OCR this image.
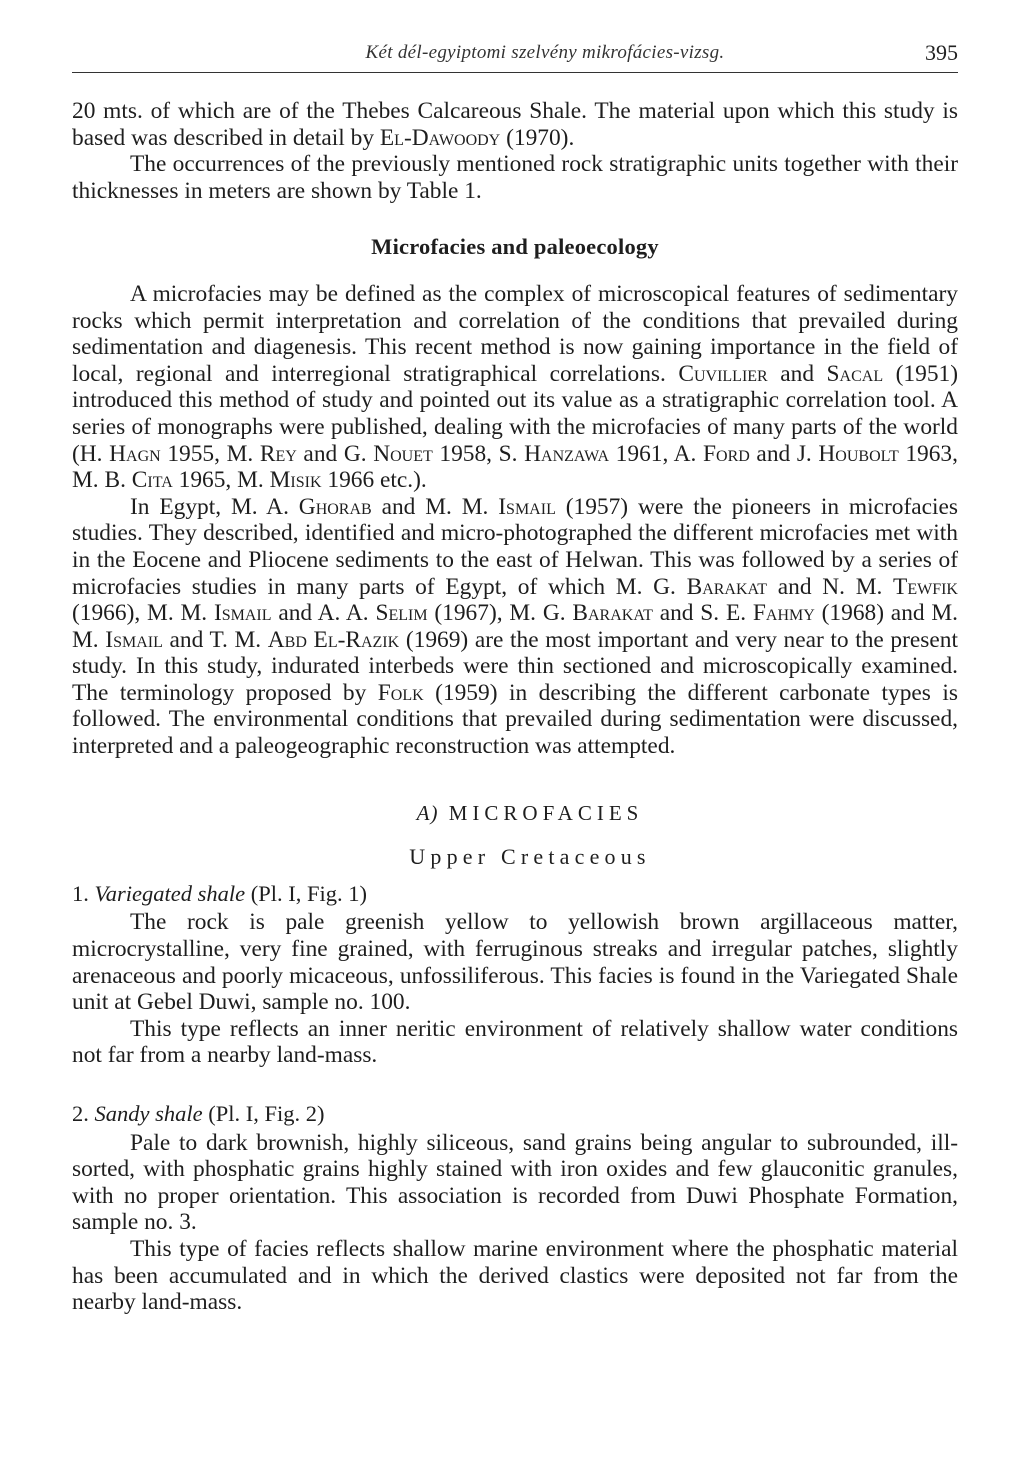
Két dél-egyiptomi szelvény mikrofácies-vizsg.	395

20 mts. of which are of the Thebes Calcareous Shale. The material upon which this study is based was described in detail by El-Dawoody (1970).

The occurrences of the previously mentioned rock stratigraphic units together with their thicknesses in meters are shown by Table 1.

Microfacies and paleoecology

A microfacies may be defined as the complex of microscopical features of sedimentary rocks which permit interpretation and correlation of the conditions that prevailed during sedimentation and diagenesis. This recent method is now gaining importance in the field of local, regional and interregional stratigraphical correlations. Cuvillier and Sacal (1951) introduced this method of study and pointed out its value as a stratigraphic correlation tool. A series of monographs were published, dealing with the microfacies of many parts of the world (H. Hagn 1955, M. Rey and G. Nouet 1958, S. Hanzawa 1961, A. Ford and J. Houbolt 1963, M. B. Cita 1965, M. Misik 1966 etc.).

In Egypt, M. A. Ghorab and M. M. Ismail (1957) were the pioneers in microfacies studies. They described, identified and micro-photographed the different microfacies met with in the Eocene and Pliocene sediments to the east of Helwan. This was followed by a series of microfacies studies in many parts of Egypt, of which M. G. Barakat and N. M. Tewfik (1966), M. M. Ismail and A. A. Selim (1967), M. G. Barakat and S. E. Fahmy (1968) and M. M. Ismail and T. M. Abd El-Razik (1969) are the most important and very near to the present study. In this study, indurated interbeds were thin sectioned and microscopically examined. The terminology proposed by Folk (1959) in describing the different carbonate types is followed. The environmental conditions that prevailed during sedimentation were discussed, interpreted and a paleogeographic reconstruction was attempted.

A) MICROFACIES

Upper Cretaceous

1. Variegated shale (Pl. I, Fig. 1)

The rock is pale greenish yellow to yellowish brown argillaceous matter, microcrystalline, very fine grained, with ferruginous streaks and irregular patches, slightly arenaceous and poorly micaceous, unfossiliferous. This facies is found in the Variegated Shale unit at Gebel Duwi, sample no. 100.

This type reflects an inner neritic environment of relatively shallow water conditions not far from a nearby land-mass.

2. Sandy shale (Pl. I, Fig. 2)

Pale to dark brownish, highly siliceous, sand grains being angular to subrounded, ill-sorted, with phosphatic grains highly stained with iron oxides and few glauconitic granules, with no proper orientation. This association is recorded from Duwi Phosphate Formation, sample no. 3.

This type of facies reflects shallow marine environment where the phosphatic material has been accumulated and in which the derived clastics were deposited not far from the nearby land-mass.
